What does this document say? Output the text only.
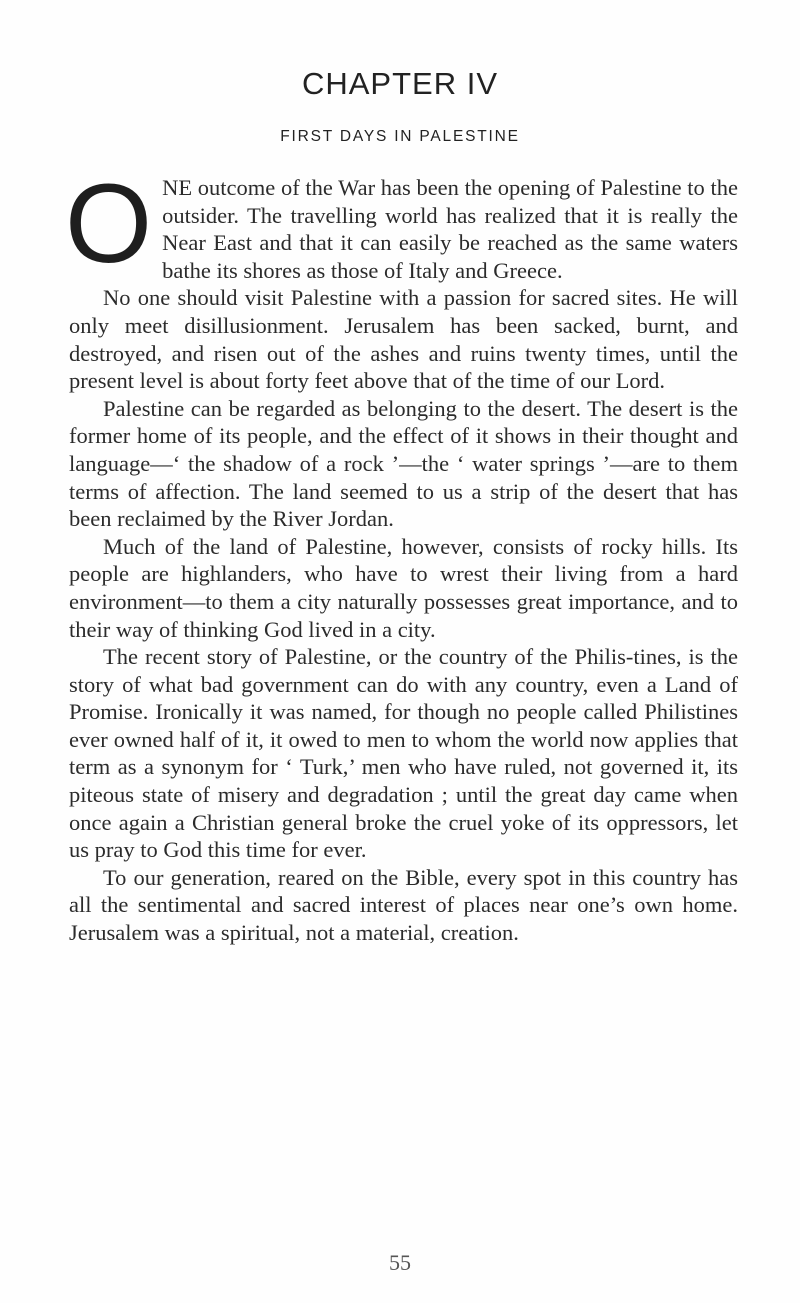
CHAPTER IV
FIRST DAYS IN PALESTINE

ONE outcome of the War has been the opening of Palestine to the outsider. The travelling world has realized that it is really the Near East and that it can easily be reached as the same waters bathe its shores as those of Italy and Greece.

No one should visit Palestine with a passion for sacred sites. He will only meet disillusionment. Jerusalem has been sacked, burnt, and destroyed, and risen out of the ashes and ruins twenty times, until the present level is about forty feet above that of the time of our Lord.

Palestine can be regarded as belonging to the desert. The desert is the former home of its people, and the effect of it shows in their thought and language—‘ the shadow of a rock ’—the ‘ water springs ’—are to them terms of affection. The land seemed to us a strip of the desert that has been reclaimed by the River Jordan.

Much of the land of Palestine, however, consists of rocky hills. Its people are highlanders, who have to wrest their living from a hard environment—to them a city naturally possesses great importance, and to their way of thinking God lived in a city.

The recent story of Palestine, or the country of the Philis-tines, is the story of what bad government can do with any country, even a Land of Promise. Ironically it was named, for though no people called Philistines ever owned half of it, it owed to men to whom the world now applies that term as a synonym for ‘ Turk,’ men who have ruled, not governed it, its piteous state of misery and degradation ; until the great day came when once again a Christian general broke the cruel yoke of its oppressors, let us pray to God this time for ever.

To our generation, reared on the Bible, every spot in this country has all the sentimental and sacred interest of places near one’s own home. Jerusalem was a spiritual, not a material, creation.

55
